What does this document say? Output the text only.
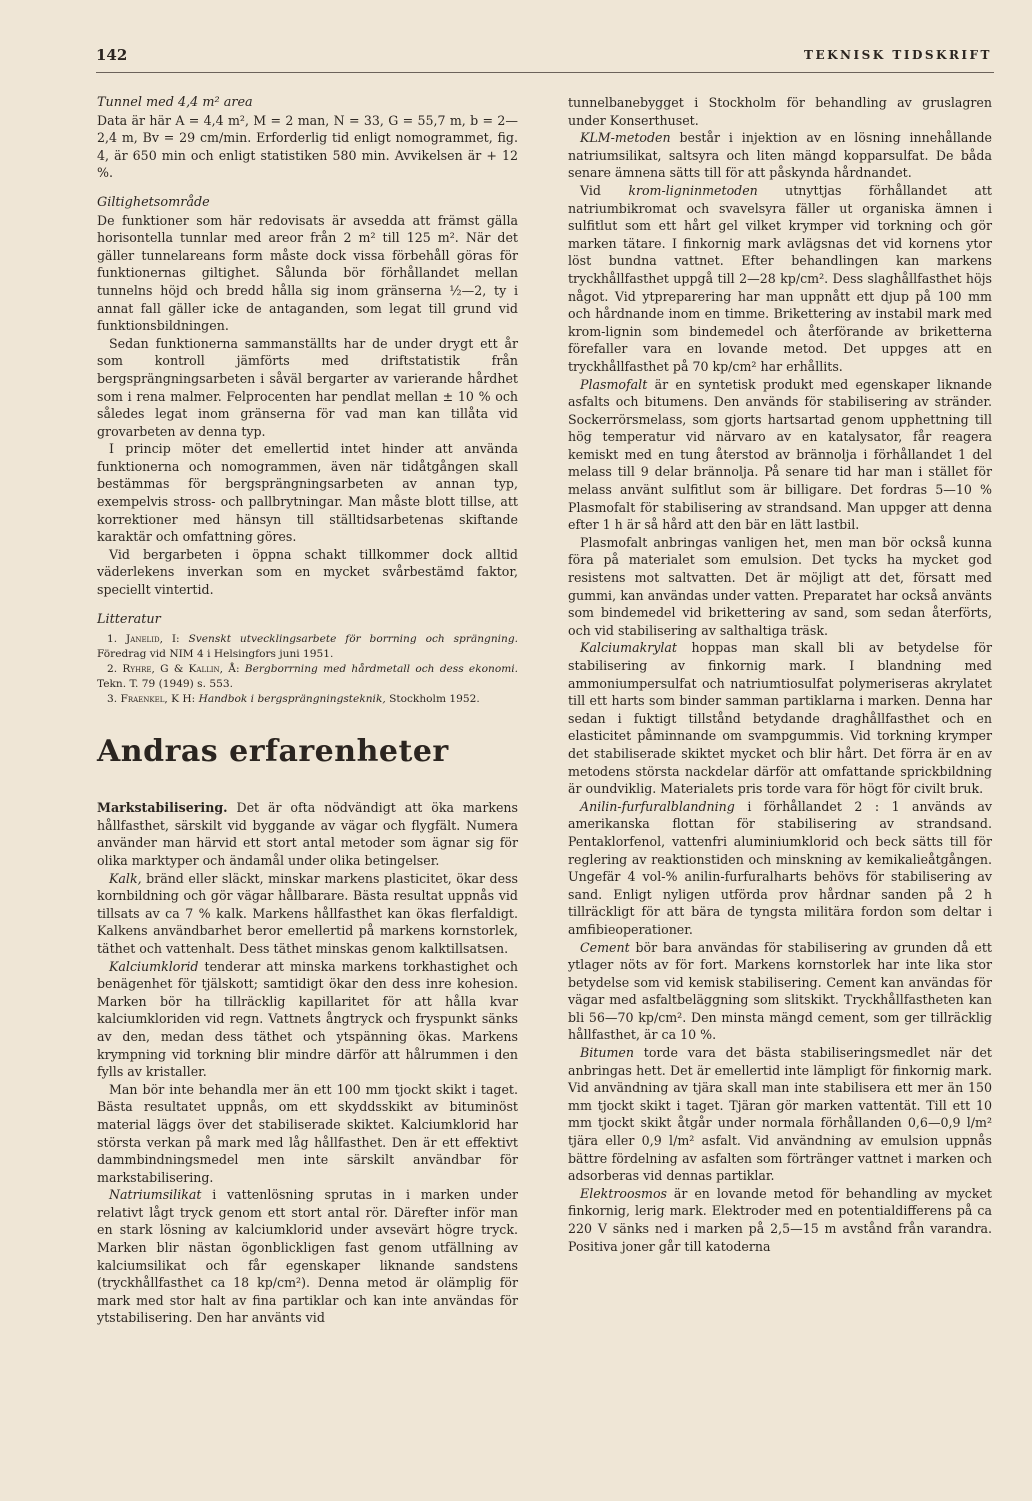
142	TEKNISK TIDSKRIFT
Tunnel med 4,4 m² area

Data är här A = 4,4 m², M = 2 man, N = 33, G = 55,7 m, b = 2—2,4 m, Bv = 29 cm/min. Erforderlig tid enligt nomogrammet, fig. 4, är 650 min och enligt statistiken 580 min. Avvikelsen är + 12 %.

Giltighetsområde

De funktioner som här redovisats är avsedda att främst gälla horisontella tunnlar med areor från 2 m² till 125 m². När det gäller tunnelareans form måste dock vissa förbehåll göras för funktionernas giltighet. Sålunda bör förhållandet mellan tunnelns höjd och bredd hålla sig inom gränserna ½—2, ty i annat fall gäller icke de antaganden, som legat till grund vid funktionsbildningen.

Sedan funktionerna sammanställts har de under drygt ett år som kontroll jämförts med driftstatistik från bergsprängningsarbeten i såväl bergarter av varierande hårdhet som i rena malmer. Felprocenten har pendlat mellan ± 10 % och således legat inom gränserna för vad man kan tillåta vid grovarbeten av denna typ.

I princip möter det emellertid intet hinder att använda funktionerna och nomogrammen, även när tidåtgången skall bestämmas för bergsprängningsarbeten av annan typ, exempelvis stross- och pallbrytningar. Man måste blott tillse, att korrektioner med hänsyn till ställtidsarbetenas skiftande karaktär och omfattning göres.

Vid bergarbeten i öppna schakt tillkommer dock alltid väderlekens inverkan som en mycket svårbestämd faktor, speciellt vintertid.

Litteratur
1. Janelid, I: Svenskt utvecklingsarbete för borrning och sprängning. Föredrag vid NIM 4 i Helsingfors juni 1951.
2. Ryhre, G & Kallin, Å: Bergborrning med hårdmetall och dess ekonomi. Tekn. T. 79 (1949) s. 553.
3. Fraenkel, K H: Handbok i bergsprängningsteknik, Stockholm 1952.
Andras erfarenheter

Markstabilisering. Det är ofta nödvändigt att öka markens hållfasthet, särskilt vid byggande av vägar och flygfält. Numera använder man härvid ett stort antal metoder som ägnar sig för olika marktyper och ändamål under olika betingelser.

Kalk, bränd eller släckt, minskar markens plasticitet, ökar dess kornbildning och gör vägar hållbarare. Bästa resultat uppnås vid tillsats av ca 7 % kalk. Markens hållfasthet kan ökas flerfaldigt. Kalkens användbarhet beror emellertid på markens kornstorlek, täthet och vattenhalt. Dess täthet minskas genom kalktillsatsen.

Kalciumklorid tenderar att minska markens torkhastighet och benägenhet för tjälskott; samtidigt ökar den dess inre kohesion. Marken bör ha tillräcklig kapillaritet för att hålla kvar kalciumkloriden vid regn. Vattnets ångtryck och fryspunkt sänks av den, medan dess täthet och ytspänning ökas. Markens krympning vid torkning blir mindre därför att hålrummen i den fylls av kristaller.

Man bör inte behandla mer än ett 100 mm tjockt skikt i taget. Bästa resultatet uppnås, om ett skyddsskikt av bituminöst material läggs över det stabiliserade skiktet. Kalciumklorid har största verkan på mark med låg hållfasthet. Den är ett effektivt dammbindningsmedel men inte särskilt användbar för markstabilisering.

Natriumsilikat i vattenlösning sprutas in i marken under relativt lågt tryck genom ett stort antal rör. Därefter inför man en stark lösning av kalciumklorid under avsevärt högre tryck. Marken blir nästan ögonblickligen fast genom utfällning av kalciumsilikat och får egenskaper liknande sandstens (tryckhållfasthet ca 18 kp/cm²). Denna metod är olämplig för mark med stor halt av fina partiklar och kan inte användas för ytstabilisering. Den har använts vid

tunnelbanebygget i Stockholm för behandling av gruslagren under Konserthuset.

KLM-metoden består i injektion av en lösning innehållande natriumsilikat, saltsyra och liten mängd kopparsulfat. De båda senare ämnena sätts till för att påskynda hårdnandet.

Vid krom-ligninmetoden utnyttjas förhållandet att natriumbikromat och svavelsyra fäller ut organiska ämnen i sulfitlut som ett hårt gel vilket krymper vid torkning och gör marken tätare. I finkornig mark avlägsnas det vid kornens ytor löst bundna vattnet. Efter behandlingen kan markens tryckhållfasthet uppgå till 2—28 kp/cm². Dess slaghållfasthet höjs något. Vid ytpreparering har man uppnått ett djup på 100 mm och hårdnande inom en timme. Brikettering av instabil mark med krom-lignin som bindemedel och återförande av briketterna förefaller vara en lovande metod. Det uppges att en tryckhållfasthet på 70 kp/cm² har erhållits.

Plasmofalt är en syntetisk produkt med egenskaper liknande asfalts och bitumens. Den används för stabilisering av stränder. Sockerrörsmelass, som gjorts hartsartad genom upphettning till hög temperatur vid närvaro av en katalysator, får reagera kemiskt med en tung återstod av brännolja i förhållandet 1 del melass till 9 delar brännolja. På senare tid har man i stället för melass använt sulfitlut som är billigare. Det fordras 5—10 % Plasmofalt för stabilisering av strandsand. Man uppger att denna efter 1 h är så hård att den bär en lätt lastbil.

Plasmofalt anbringas vanligen het, men man bör också kunna föra på materialet som emulsion. Det tycks ha mycket god resistens mot saltvatten. Det är möjligt att det, försatt med gummi, kan användas under vatten. Preparatet har också använts som bindemedel vid brikettering av sand, som sedan återförts, och vid stabilisering av salthaltiga träsk.

Kalciumakrylat hoppas man skall bli av betydelse för stabilisering av finkornig mark. I blandning med ammoniumpersulfat och natriumtiosulfat polymeriseras akrylatet till ett harts som binder samman partiklarna i marken. Denna har sedan i fuktigt tillstånd betydande draghållfasthet och en elasticitet påminnande om svampgummis. Vid torkning krymper det stabiliserade skiktet mycket och blir hårt. Det förra är en av metodens största nackdelar därför att omfattande sprickbildning är oundviklig. Materialets pris torde vara för högt för civilt bruk.

Anilin-furfuralblandning i förhållandet 2 : 1 används av amerikanska flottan för stabilisering av strandsand. Pentaklorfenol, vattenfri aluminiumklorid och beck sätts till för reglering av reaktionstiden och minskning av kemikalieåtgången. Ungefär 4 vol-% anilin-furfuralharts behövs för stabilisering av sand. Enligt nyligen utförda prov hårdnar sanden på 2 h tillräckligt för att bära de tyngsta militära fordon som deltar i amfibieoperationer.

Cement bör bara användas för stabilisering av grunden då ett ytlager nöts av för fort. Markens kornstorlek har inte lika stor betydelse som vid kemisk stabilisering. Cement kan användas för vägar med asfaltbeläggning som slitskikt. Tryckhållfastheten kan bli 56—70 kp/cm². Den minsta mängd cement, som ger tillräcklig hållfasthet, är ca 10 %.

Bitumen torde vara det bästa stabiliseringsmedlet när det anbringas hett. Det är emellertid inte lämpligt för finkornig mark. Vid användning av tjära skall man inte stabilisera ett mer än 150 mm tjockt skikt i taget. Tjäran gör marken vattentät. Till ett 10 mm tjockt skikt åtgår under normala förhållanden 0,6—0,9 l/m² tjära eller 0,9 l/m² asfalt. Vid användning av emulsion uppnås bättre fördelning av asfalten som förtränger vattnet i marken och adsorberas vid dennas partiklar.

Elektroosmos är en lovande metod för behandling av mycket finkornig, lerig mark. Elektroder med en potentialdifferens på ca 220 V sänks ned i marken på 2,5—15 m avstånd från varandra. Positiva joner går till katoderna
